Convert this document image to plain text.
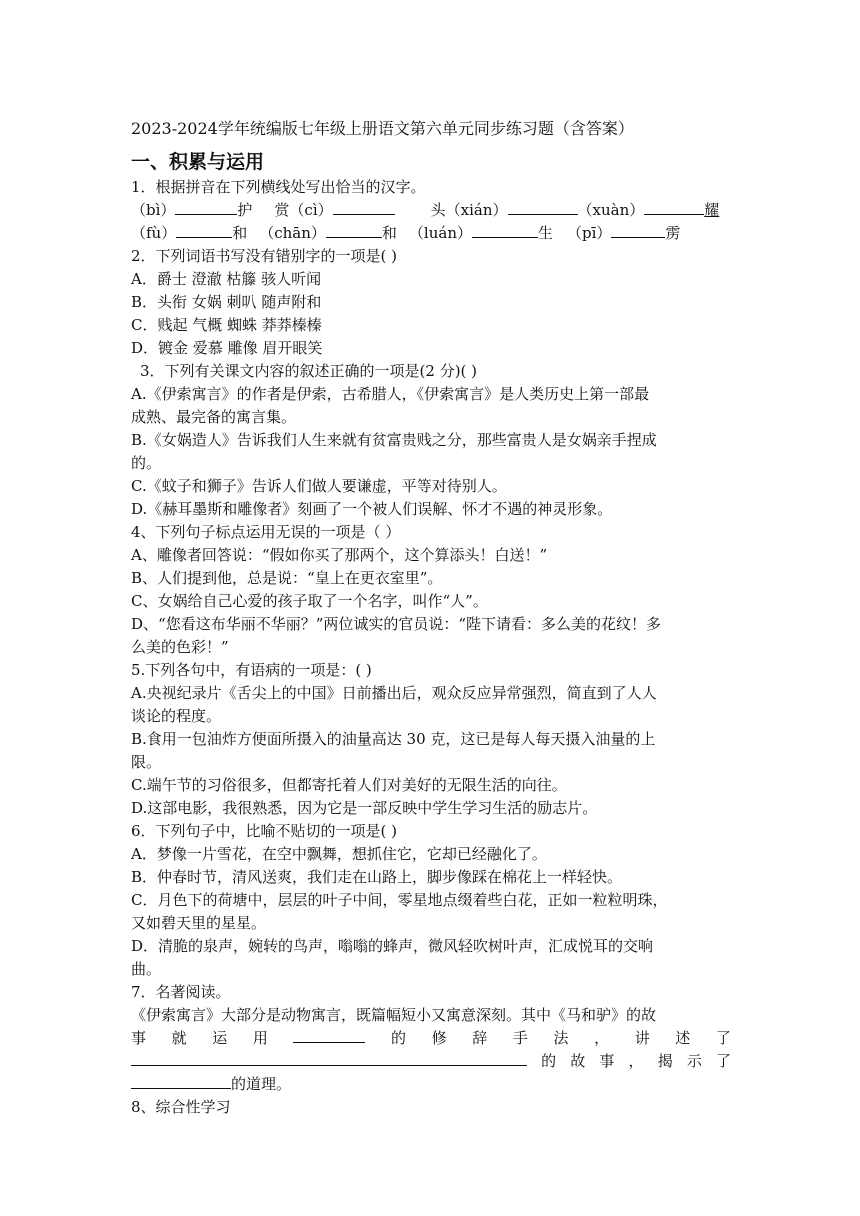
2023-2024学年统编版七年级上册语文第六单元同步练习题（含答案）
一、积累与运用
1．根据拼音在下列横线处写出恰当的汉字。
（bì）	护 赏（cì）	头（xián）	（xuàn）	耀
（fù）	和 （chān）	和 （luán）	生 （pī）	雳
2．下列词语书写没有错别字的一项是( )
A．爵士 澄澈 枯籐 骇人听闻
B．头衔 女娲 刺叭 随声附和
C．贱起 气概 蜘蛛 莽莽榛榛
D．镀金 爱慕 雕像 眉开眼笑
3．下列有关课文内容的叙述正确的一项是(2 分)( )
A.《伊索寓言》的作者是伊索，古希腊人，《伊索寓言》是人类历史上第一部最
成熟、最完备的寓言集。
B.《女娲造人》告诉我们人生来就有贫富贵贱之分，那些富贵人是女娲亲手捏成
的。
C.《蚊子和狮子》告诉人们做人要谦虚，平等对待别人。
D.《赫耳墨斯和雕像者》刻画了一个被人们误解、怀才不遇的神灵形象。
4、下列句子标点运用无误的一项是（ ）
A、雕像者回答说：“假如你买了那两个，这个算添头！白送！”
B、人们提到他，总是说：“皇上在更衣室里”。
C、女娲给自己心爱的孩子取了一个名字，叫作“人”。
D、“您看这布华丽不华丽？”两位诚实的官员说：“陛下请看：多么美的花纹！多
么美的色彩！”
5.下列各句中，有语病的一项是：( )
A.央视纪录片《舌尖上的中国》日前播出后，观众反应异常强烈，简直到了人人
谈论的程度。
B.食用一包油炸方便面所摄入的油量高达 30 克，这已是每人每天摄入油量的上
限。
C.端午节的习俗很多，但都寄托着人们对美好的无限生活的向往。
D.这部电影，我很熟悉，因为它是一部反映中学生学习生活的励志片。
6．下列句子中，比喻不贴切的一项是( )
A．梦像一片雪花，在空中飘舞，想抓住它，它却已经融化了。
B．仲春时节，清风送爽，我们走在山路上，脚步像踩在棉花上一样轻快。
C．月色下的荷塘中，层层的叶子中间，零星地点缀着些白花，正如一粒粒明珠，
又如碧天里的星星。
D．清脆的泉声，婉转的鸟声，嗡嗡的蜂声，微风轻吹树叶声，汇成悦耳的交响
曲。
7．名著阅读。
《伊索寓言》大部分是动物寓言，既篇幅短小又寓意深刻。其中《马和驴》的故
事 就 运 用	的 修 辞 手 法 ， 讲 述 了
的 故 事 ， 揭 示 了
的道理。
8、综合性学习
